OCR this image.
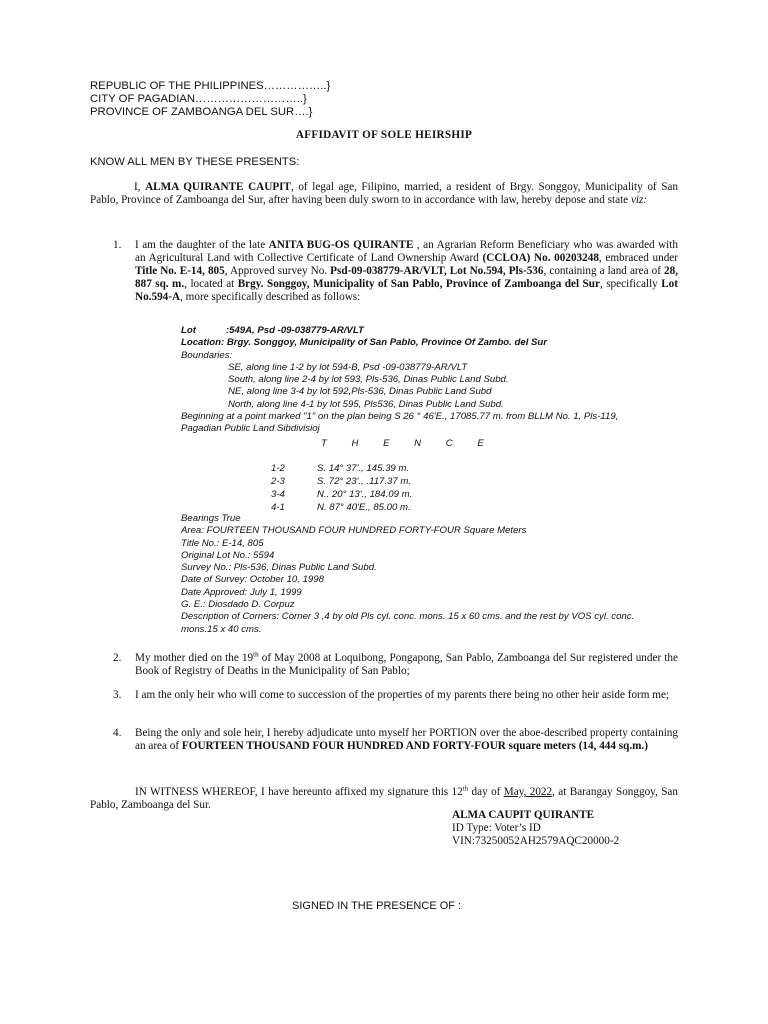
REPUBLIC OF THE PHILIPPINES……………..}
CITY OF PAGADIAN………………………..}
PROVINCE OF ZAMBOANGA DEL SUR….}
AFFIDAVIT OF SOLE HEIRSHIP
KNOW ALL MEN BY THESE PRESENTS:
I, ALMA QUIRANTE CAUPIT, of legal age, Filipino, married, a resident of Brgy. Songgoy, Municipality of San Pablo, Province of Zamboanga del Sur, after having been duly sworn to in accordance with law, hereby depose and state viz:
1. I am the daughter of the late ANITA BUG-OS QUIRANTE , an Agrarian Reform Beneficiary who was awarded with an Agricultural Land with Collective Certificate of Land Ownership Award (CCLOA) No. 00203248, embraced under Title No. E-14, 805, Approved survey No. Psd-09-038779-AR/VLT, Lot No.594, Pls-536, containing a land area of 28, 887 sq. m., located at Brgy. Songgoy, Municipality of San Pablo, Province of Zamboanga del Sur, specifically Lot No.594-A, more specifically described as follows:
Lot	:549A, Psd -09-038779-AR/VLT
Location: Brgy. Songgoy, Municipality of San Pablo, Province Of Zambo. del Sur
Boundaries:
SE, along line 1-2 by lot 594-B, Psd -09-038779-AR/VLT
South, along line 2-4 by lot 593, Pls-536, Dinas Public Land Subd.
NE, along line 3-4 by lot 592,Pls-536, Dinas Public Land Subd
North, along line 4-1 by lot 595, Pls536, Dinas Public Land Subd.
Beginning at a point marked "1" on the plan being S 26 ° 46'E., 17085.77 m. from BLLM No. 1, Pls-119,
Pagadian Public Land Sibdivisioj
T H E N C E
1-2	S. 14° 37'., 145.39 m.
2-3	S. 72° 23'., .117.37 m.
3-4	N.. 20° 13'., 184.09 m.
4-1	N. 87° 40'E., 85.00 m.
Bearings True
Area: FOURTEEN THOUSAND FOUR HUNDRED FORTY-FOUR Square Meters
Title No.: E-14, 805
Original Lot No.: 5594
Survey No.: Pls-536, Dinas Public Land Subd.
Date of Survey: October 10, 1998
Date Approved: July 1, 1999
G. E.: Diosdado D. Corpuz
Description of Corners: Corner 3 ,4 by old Pls cyl. conc. mons. 15 x 60 cms. and the rest by VOS cyl. conc.
mons.15 x 40 cms.
2. My mother died on the 19th of May 2008 at Loquibong, Pongapong, San Pablo, Zamboanga del Sur registered under the Book of Registry of Deaths in the Municipality of San Pablo;
3. I am the only heir who will come to succession of the properties of my parents there being no other heir aside form me;
4. Being the only and sole heir, I hereby adjudicate unto myself her PORTION over the aboe-described property containing an area of FOURTEEN THOUSAND FOUR HUNDRED AND FORTY-FOUR square meters (14, 444 sq.m.)
IN WITNESS WHEREOF, I have hereunto affixed my signature this 12th day of May, 2022, at Barangay Songgoy, San Pablo, Zamboanga del Sur.
ALMA CAUPIT QUIRANTE
ID Type: Voter’s ID
VIN:73250052AH2579AQC20000-2
SIGNED IN THE PRESENCE OF :
